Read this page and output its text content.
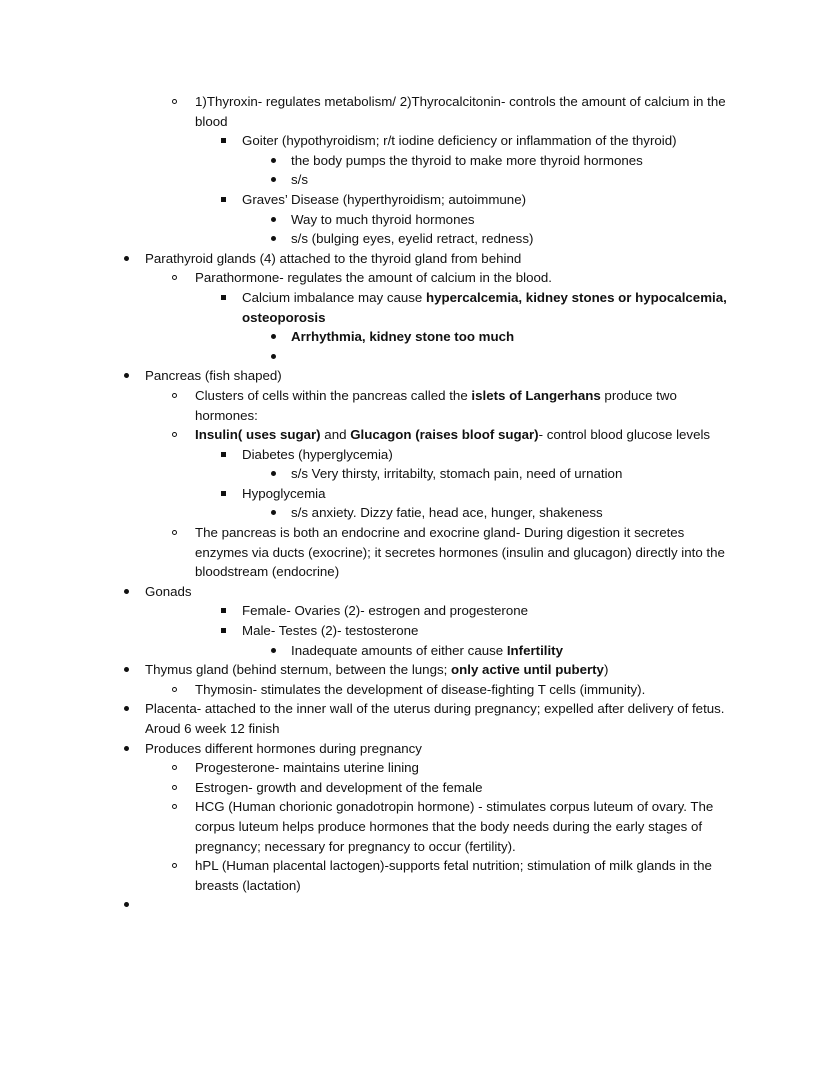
1)Thyroxin- regulates metabolism/ 2)Thyrocalcitonin- controls the amount of calcium in the blood
Goiter (hypothyroidism; r/t iodine deficiency or inflammation of the thyroid)
the body pumps the thyroid to make more thyroid hormones
s/s
Graves’ Disease (hyperthyroidism; autoimmune)
Way to much thyroid hormones
s/s (bulging eyes, eyelid retract, redness)
Parathyroid glands (4) attached to the thyroid gland from behind
Parathormone- regulates the amount of calcium in the blood.
Calcium imbalance may cause hypercalcemia, kidney stones or hypocalcemia, osteoporosis
Arrhythmia, kidney stone too much

Pancreas (fish shaped)
Clusters of cells within the pancreas called the islets of Langerhans produce two hormones:
Insulin( uses sugar) and Glucagon (raises bloof sugar)- control blood glucose levels
Diabetes (hyperglycemia)
s/s Very thirsty, irritabilty, stomach pain, need of urnation
Hypoglycemia
s/s anxiety. Dizzy fatie, head ace, hunger, shakeness
The pancreas is both an endocrine and exocrine gland- During digestion it secretes enzymes via ducts (exocrine); it secretes hormones (insulin and glucagon) directly into the bloodstream (endocrine)
Gonads
Female- Ovaries (2)- estrogen and progesterone
Male- Testes (2)- testosterone
Inadequate amounts of either cause Infertility
Thymus gland (behind sternum, between the lungs; only active until puberty)
Thymosin- stimulates the development of disease-fighting T cells (immunity).
Placenta- attached to the inner wall of the uterus during pregnancy; expelled after delivery of fetus. Aroud 6 week 12 finish
Produces different hormones during pregnancy
Progesterone- maintains uterine lining
Estrogen- growth and development of the female
HCG (Human chorionic gonadotropin hormone) - stimulates corpus luteum of ovary. The corpus luteum helps produce hormones that the body needs during the early stages of pregnancy; necessary for pregnancy to occur (fertility).
hPL (Human placental lactogen)-supports fetal nutrition; stimulation of milk glands in the breasts (lactation)
